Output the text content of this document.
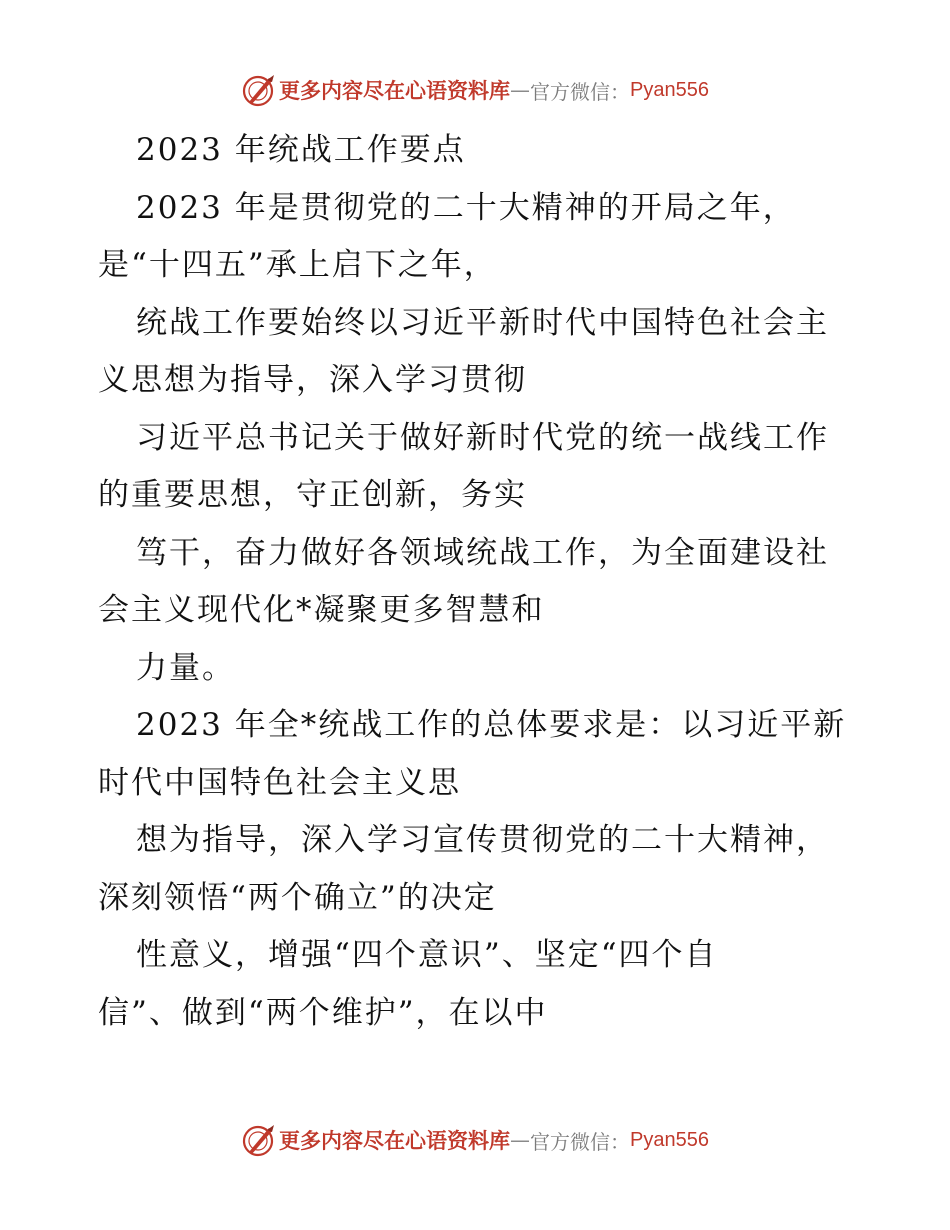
更多内容尽在心语资料库 — 官方微信： Pyan556
2023 年统战工作要点
2023 年是贯彻党的二十大精神的开局之年，
是“十四五”承上启下之年，
统战工作要始终以习近平新时代中国特色社会主
义思想为指导，深入学习贯彻
习近平总书记关于做好新时代党的统一战线工作
的重要思想，守正创新，务实
笃干，奋力做好各领域统战工作，为全面建设社
会主义现代化*凝聚更多智慧和
力量。
2023 年全*统战工作的总体要求是：以习近平新
时代中国特色社会主义思
想为指导，深入学习宣传贯彻党的二十大精神，
深刻领悟“两个确立”的决定
性意义，增强“四个意识”、坚定“四个自
信”、做到“两个维护”，在以中
更多内容尽在心语资料库 — 官方微信： Pyan556
